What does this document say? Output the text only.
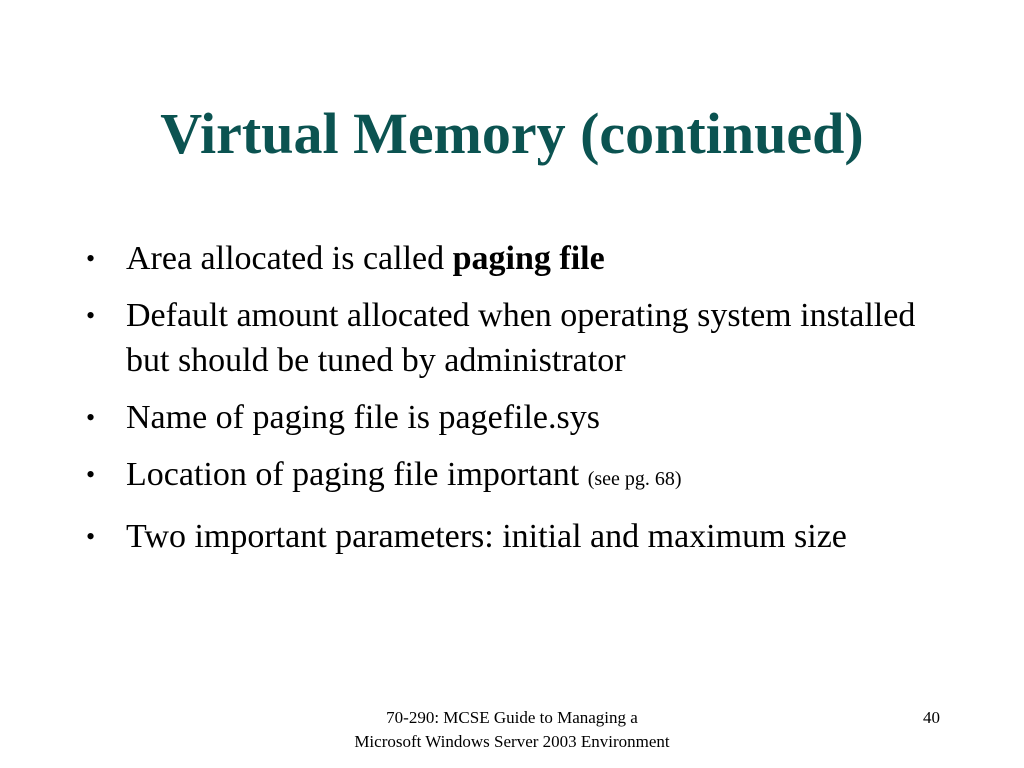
Virtual Memory (continued)
• Area allocated is called paging file
• Default amount allocated when operating system installed but should be tuned by administrator
• Name of paging file is pagefile.sys
• Location of paging file important (see pg. 68)
• Two important parameters: initial and maximum size
70-290: MCSE Guide to Managing a
Microsoft Windows Server 2003 Environment
40
